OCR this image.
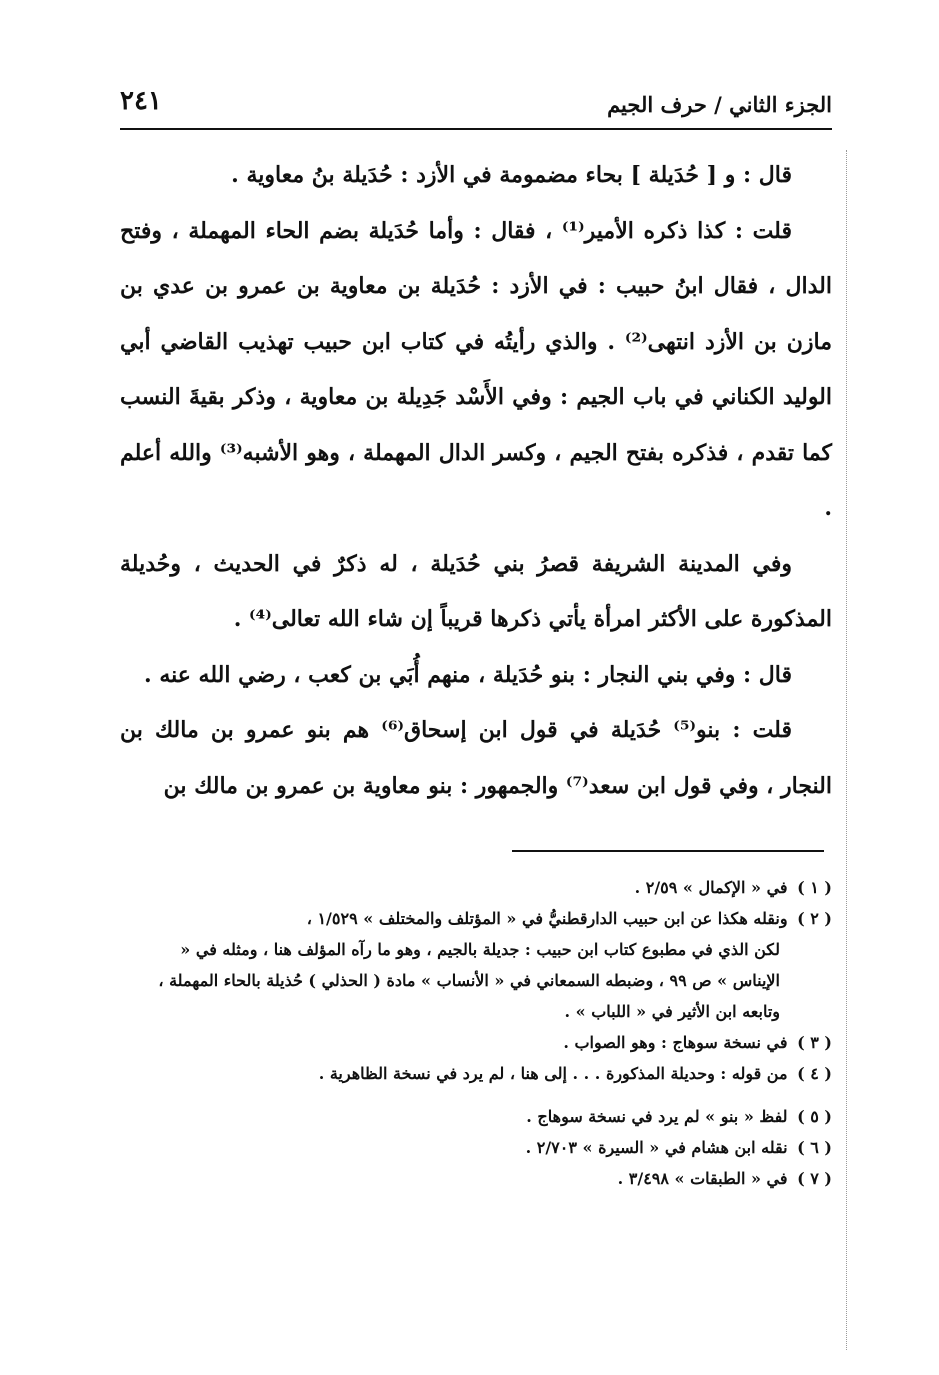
الجزء الثاني / حرف الجيم
٢٤١

قال : و [ حُدَيلة ] بحاء مضمومة في الأزد : حُدَيلة بنُ معاوية .

قلت : كذا ذكره الأمير⁽¹⁾ ، فقال : وأما حُدَيلة بضم الحاء المهملة ، وفتح الدال ، فقال ابنُ حبيب : في الأزد : حُدَيلة بن معاوية بن عمرو بن عدي بن مازن بن الأزد انتهى⁽²⁾ . والذي رأيتُه في كتاب ابن حبيب تهذيب القاضي أبي الوليد الكناني في باب الجيم : وفي الأَسْد جَدِيلة بن معاوية ، وذكر بقيةَ النسب كما تقدم ، فذكره بفتح الجيم ، وكسر الدال المهملة ، وهو الأشبه⁽³⁾ والله أعلم .

وفي المدينة الشريفة قصرُ بني حُدَيلة ، له ذكرٌ في الحديث ، وحُديلة المذكورة على الأكثر امرأة يأتي ذكرها قريباً إن شاء الله تعالى⁽⁴⁾ .

قال : وفي بني النجار : بنو حُدَيلة ، منهم أُبَي بن كعب ، رضي الله عنه .

قلت : بنو⁽⁵⁾ حُدَيلة في قول ابن إسحاق⁽⁶⁾ هم بنو عمرو بن مالك بن النجار ، وفي قول ابن سعد⁽⁷⁾ والجمهور : بنو معاوية بن عمرو بن مالك بن

( ١ ) في « الإكمال » ٢/٥٩ .

( ٢ ) ونقله هكذا عن ابن حبيب الدارقطنيُّ في « المؤتلف والمختلف » ١/٥٢٩ ،

لكن الذي في مطبوع كتاب ابن حبيب : جديلة بالجيم ، وهو ما رآه المؤلف هنا ، ومثله في « الإيناس » ص ٩٩ ، وضبطه السمعاني في « الأنساب » مادة ( الحذلي ) حُذيلة بالحاء المهملة ، وتابعه ابن الأثير في « اللباب » .

( ٣ ) في نسخة سوهاج : وهو الصواب .

( ٤ ) من قوله : وحديلة المذكورة . . . إلى هنا ، لم يرد في نسخة الظاهرية .

( ٥ ) لفظ « بنو » لم يرد في نسخة سوهاج .

( ٦ ) نقله ابن هشام في « السيرة » ٢/٧٠٣ .

( ٧ ) في « الطبقات » ٣/٤٩٨ .
